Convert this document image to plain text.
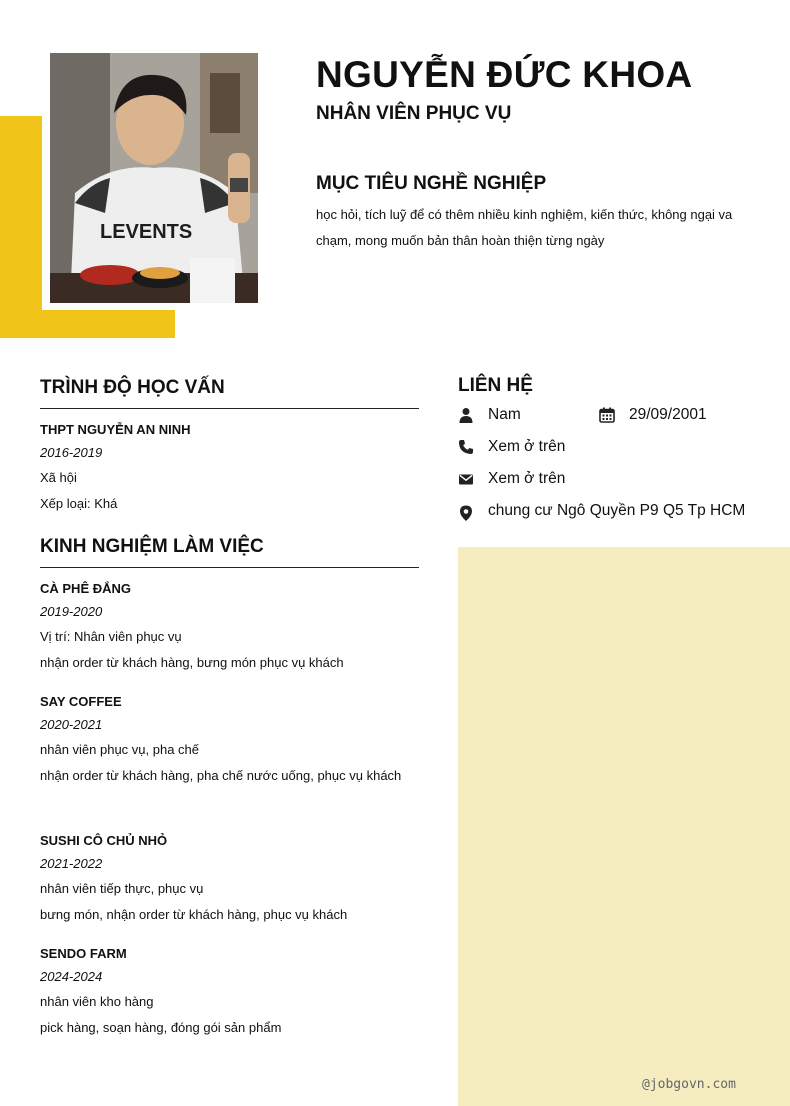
LEVENTS
NGUYỄN ĐỨC KHOA
NHÂN VIÊN PHỤC VỤ
MỤC TIÊU NGHỀ NGHIỆP
học hỏi, tích luỹ để có thêm nhiều kinh nghiệm, kiến thức, không ngại va chạm, mong muốn bản thân hoàn thiện từng ngày
TRÌNH ĐỘ HỌC VẤN
THPT NGUYỄN AN NINH
2016-2019
Xã hội
Xếp loại: Khá
KINH NGHIỆM LÀM VIỆC
CÀ PHÊ ĐẮNG
2019-2020
Vị trí: Nhân viên phục vụ
nhận order từ khách hàng, bưng món phục vụ khách
SAY COFFEE
2020-2021
nhân viên phục vụ, pha chế
nhận order từ khách hàng, pha chế nước uống, phục vụ khách
SUSHI CÔ CHỦ NHỎ
2021-2022
nhân viên tiếp thực, phục vụ
bưng món, nhận order từ khách hàng, phục vụ khách
SENDO FARM
2024-2024
nhân viên kho hàng
pick hàng, soạn hàng, đóng gói sản phẩm
LIÊN HỆ
Nam	29/09/2001
Xem ở trên
Xem ở trên
chung cư Ngô Quyền P9 Q5 Tp HCM
@jobgovn.com
